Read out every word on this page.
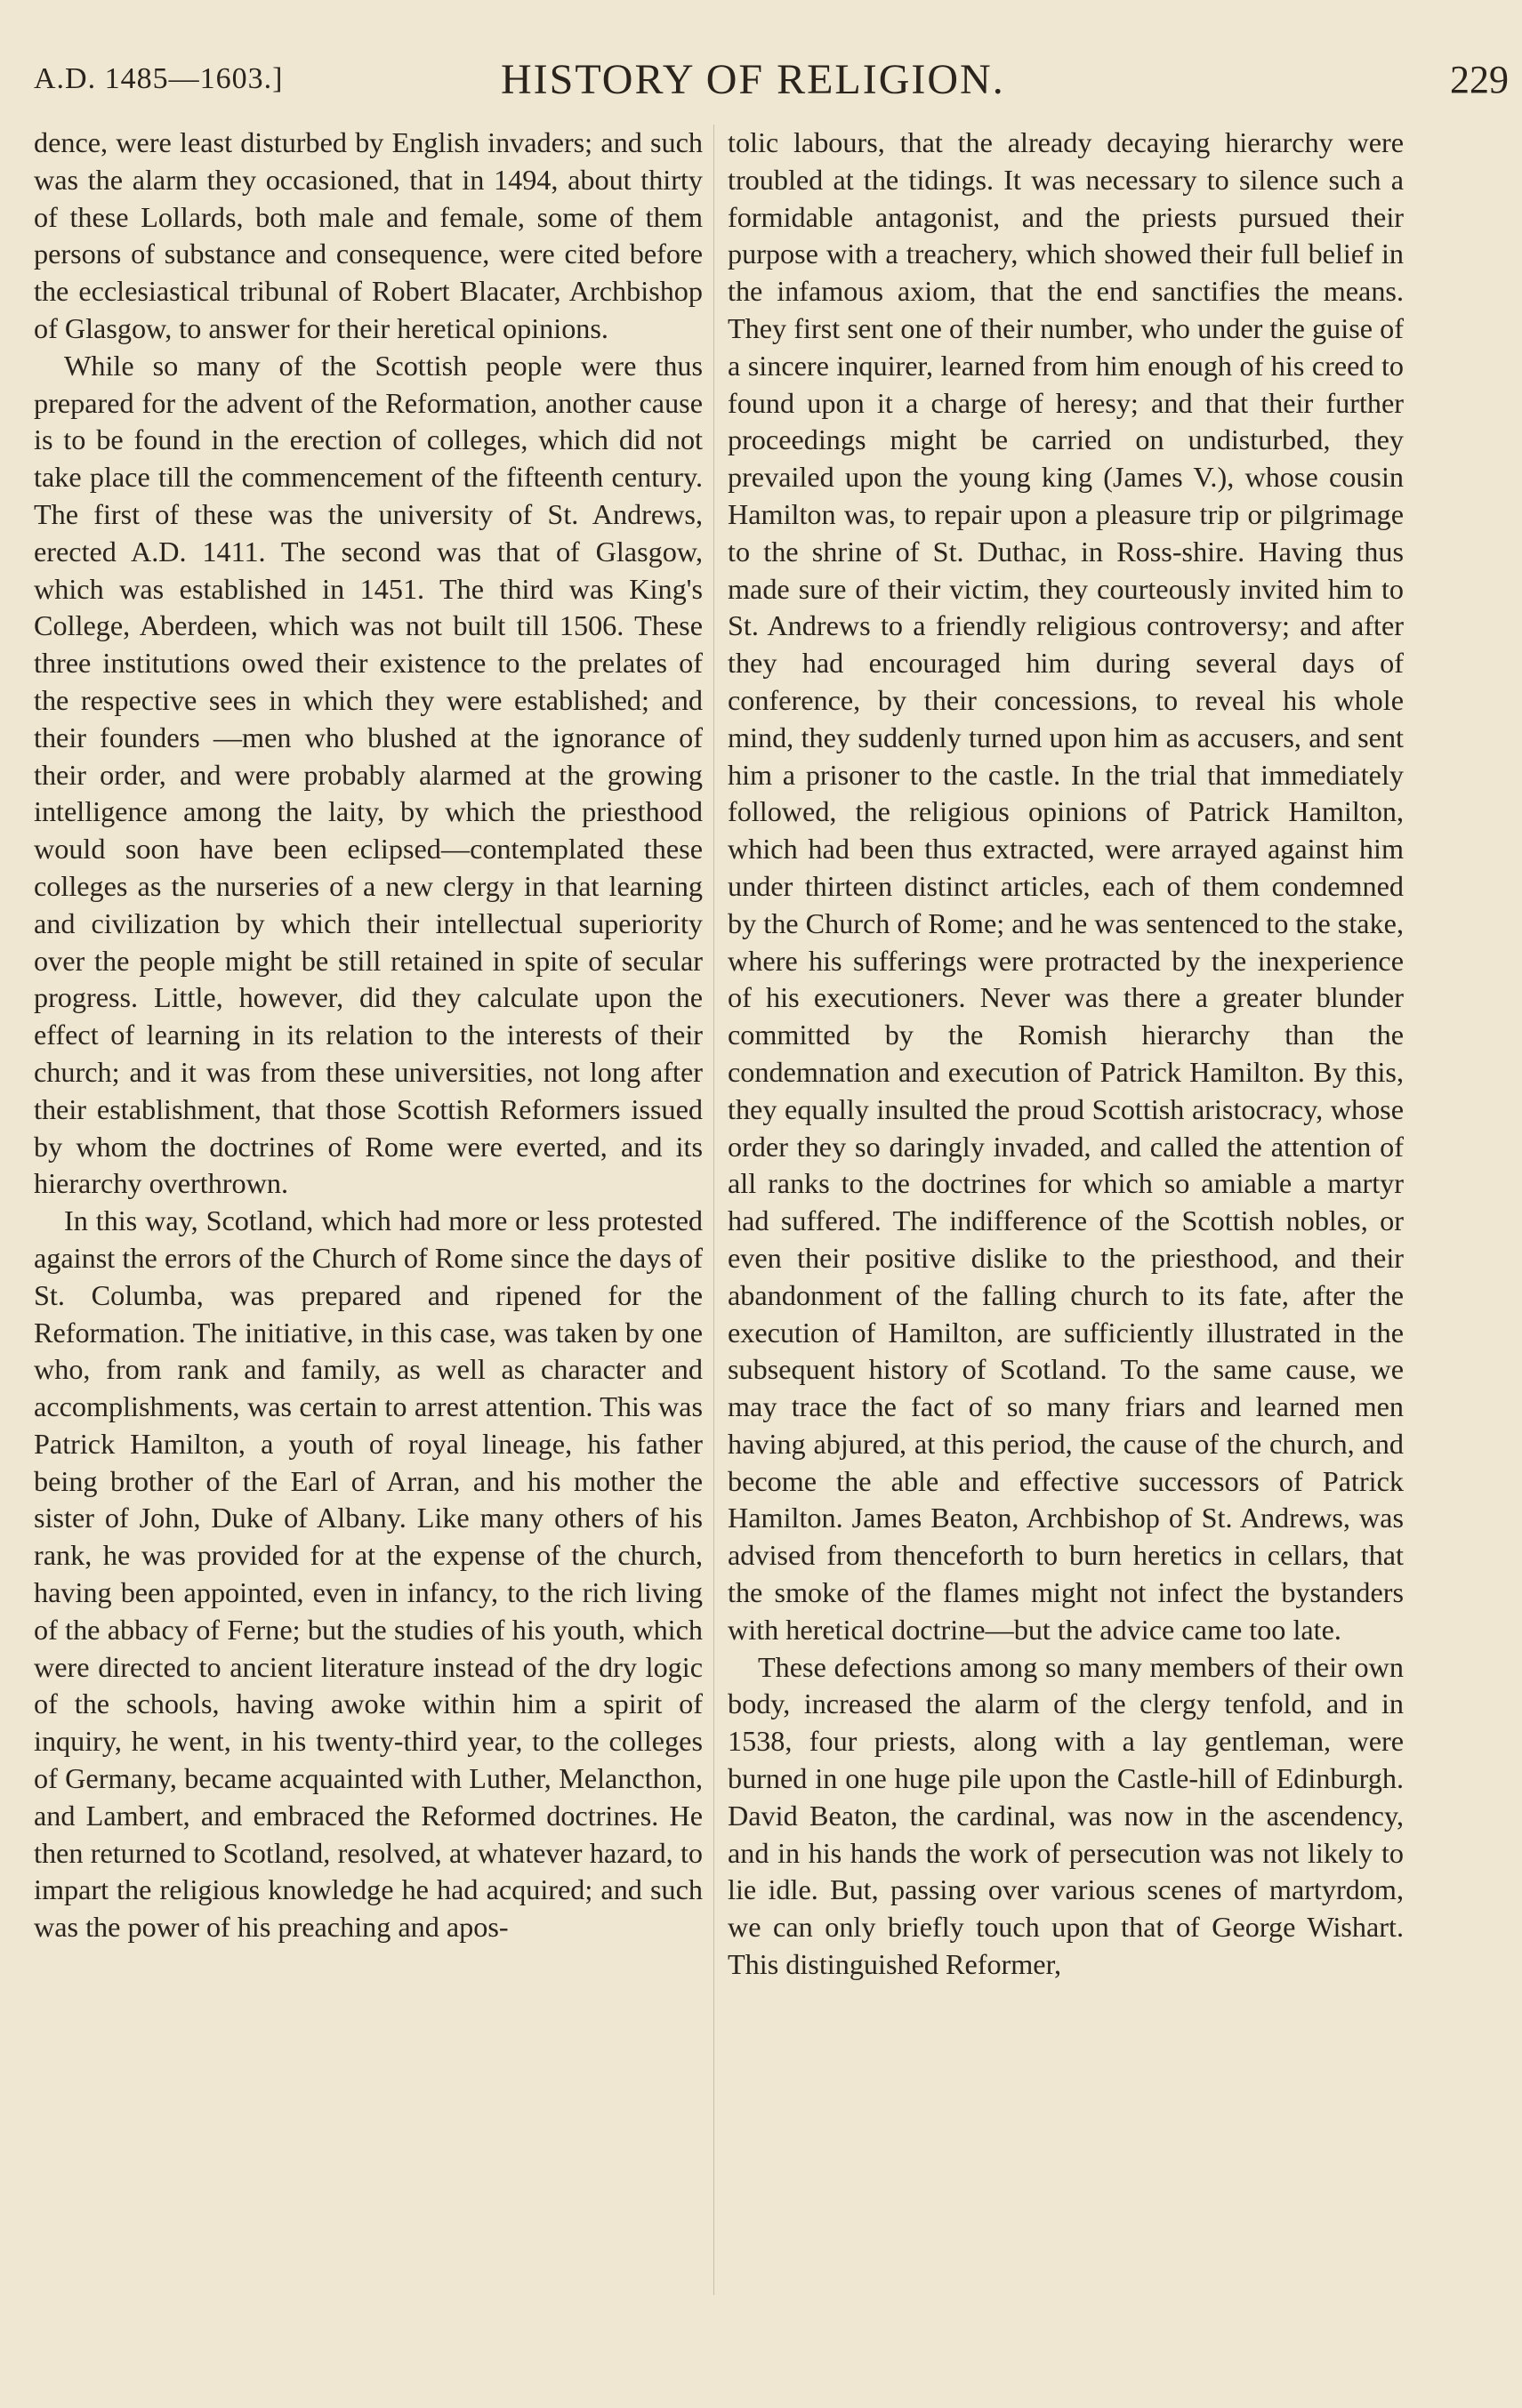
A.D. 1485—1603.]	HISTORY OF RELIGION.	229

dence, were least disturbed by English invaders; and such was the alarm they occasioned, that in 1494, about thirty of these Lollards, both male and female, some of them persons of substance and consequence, were cited before the ecclesiastical tribunal of Robert Blacater, Archbishop of Glasgow, to answer for their heretical opinions.

While so many of the Scottish people were thus prepared for the advent of the Reformation, another cause is to be found in the erection of colleges, which did not take place till the commencement of the fifteenth century. The first of these was the university of St. Andrews, erected A.D. 1411. The second was that of Glasgow, which was established in 1451. The third was King's College, Aberdeen, which was not built till 1506. These three institutions owed their existence to the prelates of the respective sees in which they were established; and their founders —men who blushed at the ignorance of their order, and were probably alarmed at the growing intelligence among the laity, by which the priesthood would soon have been eclipsed—contemplated these colleges as the nurseries of a new clergy in that learning and civilization by which their intellectual superiority over the people might be still retained in spite of secular progress. Little, however, did they calculate upon the effect of learning in its relation to the interests of their church; and it was from these universities, not long after their establishment, that those Scottish Reformers issued by whom the doctrines of Rome were everted, and its hierarchy overthrown.

In this way, Scotland, which had more or less protested against the errors of the Church of Rome since the days of St. Columba, was prepared and ripened for the Reformation. The initiative, in this case, was taken by one who, from rank and family, as well as character and accomplishments, was certain to arrest attention. This was Patrick Hamilton, a youth of royal lineage, his father being brother of the Earl of Arran, and his mother the sister of John, Duke of Albany. Like many others of his rank, he was provided for at the expense of the church, having been appointed, even in infancy, to the rich living of the abbacy of Ferne; but the studies of his youth, which were directed to ancient literature instead of the dry logic of the schools, having awoke within him a spirit of inquiry, he went, in his twenty-third year, to the colleges of Germany, became acquainted with Luther, Melancthon, and Lambert, and embraced the Reformed doctrines. He then returned to Scotland, resolved, at whatever hazard, to impart the religious knowledge he had acquired; and such was the power of his preaching and apos-

tolic labours, that the already decaying hierarchy were troubled at the tidings. It was necessary to silence such a formidable antagonist, and the priests pursued their purpose with a treachery, which showed their full belief in the infamous axiom, that the end sanctifies the means. They first sent one of their number, who under the guise of a sincere inquirer, learned from him enough of his creed to found upon it a charge of heresy; and that their further proceedings might be carried on undisturbed, they prevailed upon the young king (James V.), whose cousin Hamilton was, to repair upon a pleasure trip or pilgrimage to the shrine of St. Duthac, in Ross-shire. Having thus made sure of their victim, they courteously invited him to St. Andrews to a friendly religious controversy; and after they had encouraged him during several days of conference, by their concessions, to reveal his whole mind, they suddenly turned upon him as accusers, and sent him a prisoner to the castle. In the trial that immediately followed, the religious opinions of Patrick Hamilton, which had been thus extracted, were arrayed against him under thirteen distinct articles, each of them condemned by the Church of Rome; and he was sentenced to the stake, where his sufferings were protracted by the inexperience of his executioners. Never was there a greater blunder committed by the Romish hierarchy than the condemnation and execution of Patrick Hamilton. By this, they equally insulted the proud Scottish aristocracy, whose order they so daringly invaded, and called the attention of all ranks to the doctrines for which so amiable a martyr had suffered. The indifference of the Scottish nobles, or even their positive dislike to the priesthood, and their abandonment of the falling church to its fate, after the execution of Hamilton, are sufficiently illustrated in the subsequent history of Scotland. To the same cause, we may trace the fact of so many friars and learned men having abjured, at this period, the cause of the church, and become the able and effective successors of Patrick Hamilton. James Beaton, Archbishop of St. Andrews, was advised from thenceforth to burn heretics in cellars, that the smoke of the flames might not infect the bystanders with heretical doctrine—but the advice came too late.

These defections among so many members of their own body, increased the alarm of the clergy tenfold, and in 1538, four priests, along with a lay gentleman, were burned in one huge pile upon the Castle-hill of Edinburgh. David Beaton, the cardinal, was now in the ascendency, and in his hands the work of persecution was not likely to lie idle. But, passing over various scenes of martyrdom, we can only briefly touch upon that of George Wishart. This distinguished Reformer,
